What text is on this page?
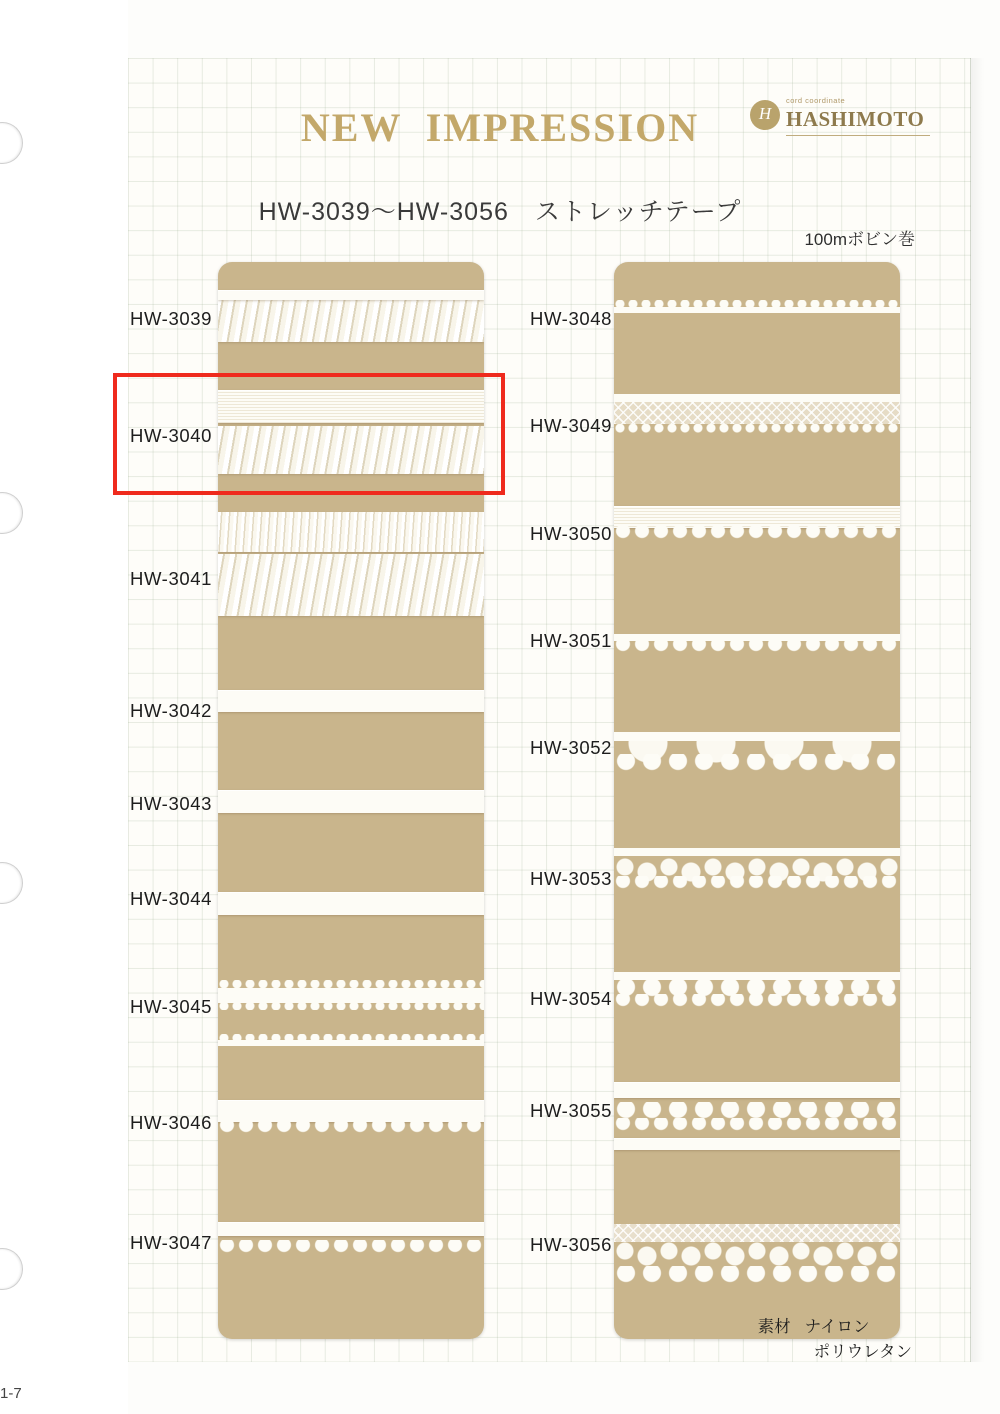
NEW IMPRESSION
HW-3039〜HW-3056 ストレッチテープ
100mボビン巻
H
cord coordinate
HASHIMOTO
HW-3039
HW-3040
HW-3041
HW-3042
HW-3043
HW-3044
HW-3045
HW-3046
HW-3047
HW-3048
HW-3049
HW-3050
HW-3051
HW-3052
HW-3053
HW-3054
HW-3055
HW-3056
素材 ナイロン
ポリウレタン
1-7
